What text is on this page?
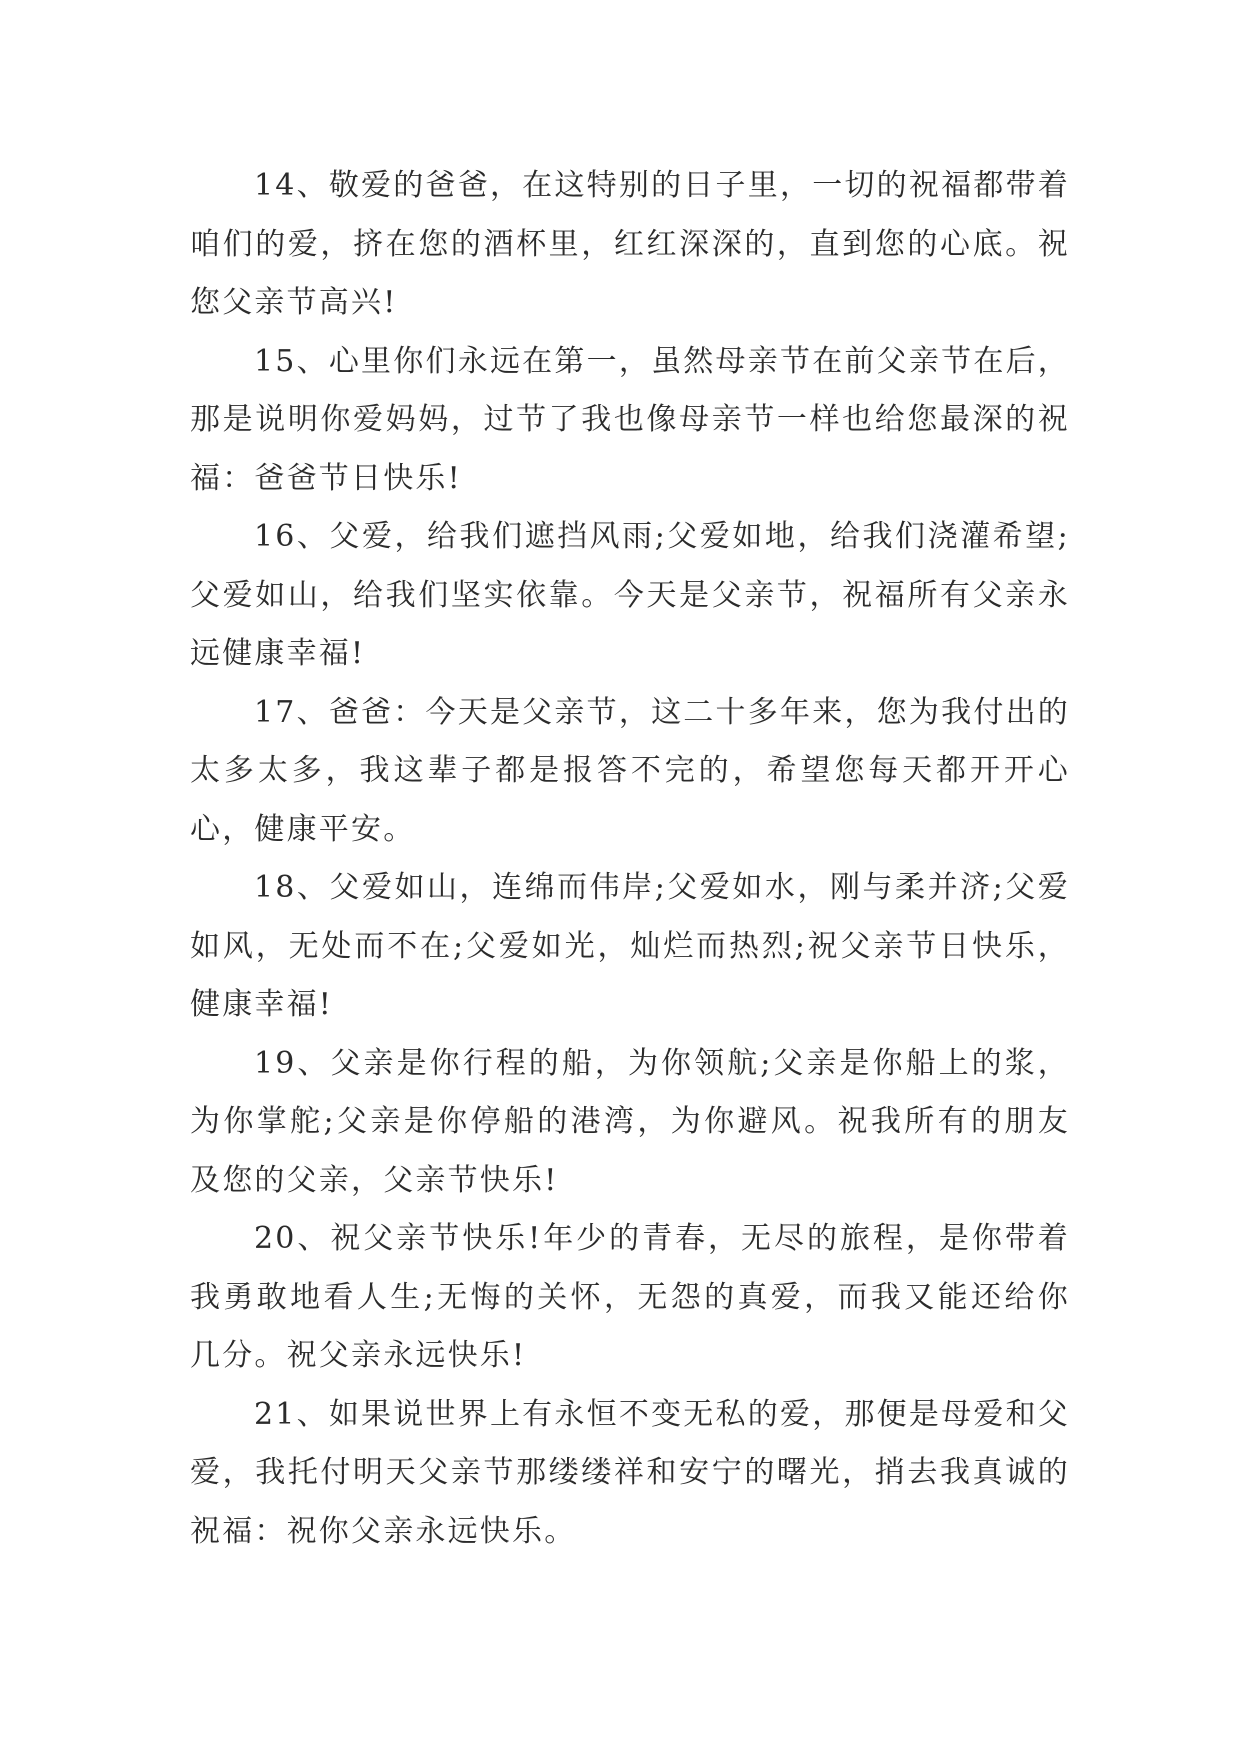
14、敬爱的爸爸，在这特别的日子里，一切的祝福都带着咱们的爱，挤在您的酒杯里，红红深深的，直到您的心底。祝您父亲节高兴!

15、心里你们永远在第一，虽然母亲节在前父亲节在后，那是说明你爱妈妈，过节了我也像母亲节一样也给您最深的祝福：爸爸节日快乐!

16、父爱，给我们遮挡风雨;父爱如地，给我们浇灌希望;父爱如山，给我们坚实依靠。今天是父亲节，祝福所有父亲永远健康幸福!

17、爸爸：今天是父亲节，这二十多年来，您为我付出的太多太多，我这辈子都是报答不完的，希望您每天都开开心心，健康平安。

18、父爱如山，连绵而伟岸;父爱如水，刚与柔并济;父爱如风，无处而不在;父爱如光，灿烂而热烈;祝父亲节日快乐，健康幸福!

19、父亲是你行程的船，为你领航;父亲是你船上的浆，为你掌舵;父亲是你停船的港湾，为你避风。祝我所有的朋友及您的父亲，父亲节快乐!

20、祝父亲节快乐!年少的青春，无尽的旅程，是你带着我勇敢地看人生;无悔的关怀，无怨的真爱，而我又能还给你几分。祝父亲永远快乐!

21、如果说世界上有永恒不变无私的爱，那便是母爱和父爱，我托付明天父亲节那缕缕祥和安宁的曙光，捎去我真诚的祝福：祝你父亲永远快乐。
